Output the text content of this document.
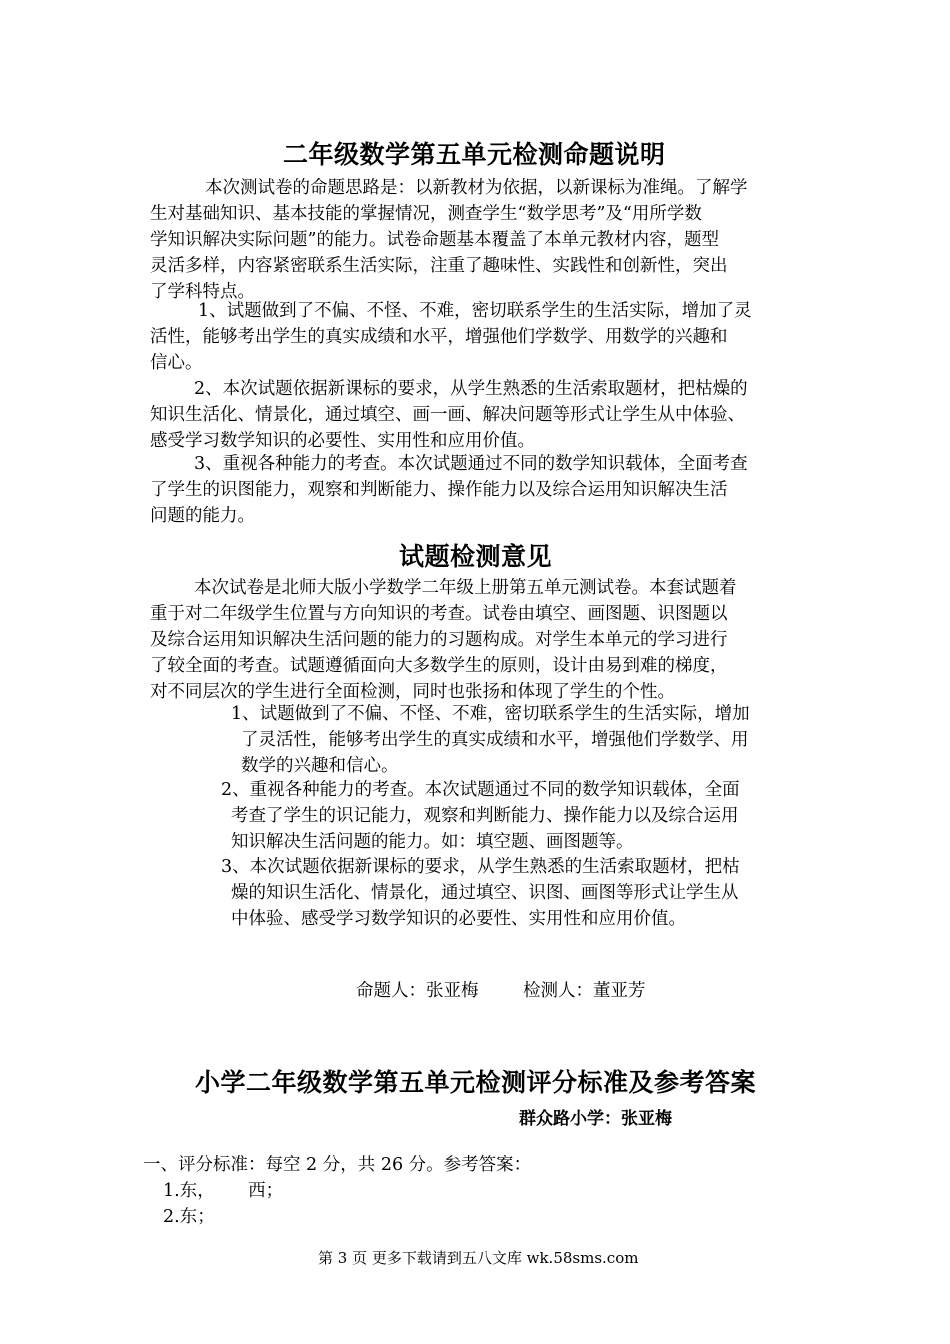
二年级数学第五单元检测命题说明
本次测试卷的命题思路是：以新教材为依据，以新课标为准绳。了解学
生对基础知识、基本技能的掌握情况，测查学生“数学思考”及“用所学数
学知识解决实际问题”的能力。试卷命题基本覆盖了本单元教材内容，题型
灵活多样，内容紧密联系生活实际，注重了趣味性、实践性和创新性，突出
了学科特点。
1、试题做到了不偏、不怪、不难，密切联系学生的生活实际，增加了灵
活性，能够考出学生的真实成绩和水平，增强他们学数学、用数学的兴趣和
信心。
2、本次试题依据新课标的要求，从学生熟悉的生活索取题材，把枯燥的
知识生活化、情景化，通过填空、画一画、解决问题等形式让学生从中体验、
感受学习数学知识的必要性、实用性和应用价值。
3、重视各种能力的考查。本次试题通过不同的数学知识载体，全面考查
了学生的识图能力，观察和判断能力、操作能力以及综合运用知识解决生活
问题的能力。
试题检测意见
本次试卷是北师大版小学数学二年级上册第五单元测试卷。本套试题着
重于对二年级学生位置与方向知识的考查。试卷由填空、画图题、识图题以
及综合运用知识解决生活问题的能力的习题构成。对学生本单元的学习进行
了较全面的考查。试题遵循面向大多数学生的原则，设计由易到难的梯度，
对不同层次的学生进行全面检测，同时也张扬和体现了学生的个性。
1、试题做到了不偏、不怪、不难，密切联系学生的生活实际，增加
了灵活性，能够考出学生的真实成绩和水平，增强他们学数学、用
数学的兴趣和信心。
2、重视各种能力的考查。本次试题通过不同的数学知识载体，全面
考查了学生的识记能力，观察和判断能力、操作能力以及综合运用
知识解决生活问题的能力。如：填空题、画图题等。
3、本次试题依据新课标的要求，从学生熟悉的生活索取题材，把枯
燥的知识生活化、情景化，通过填空、识图、画图等形式让学生从
中体验、感受学习数学知识的必要性、实用性和应用价值。
命题人：张亚梅        检测人：董亚芳
小学二年级数学第五单元检测评分标准及参考答案
群众路小学：张亚梅
一、评分标准：每空 2 分，共 26 分。参考答案：
1.东，      西；
2.东；
第 3 页 更多下载请到五八文库 wk.58sms.com
